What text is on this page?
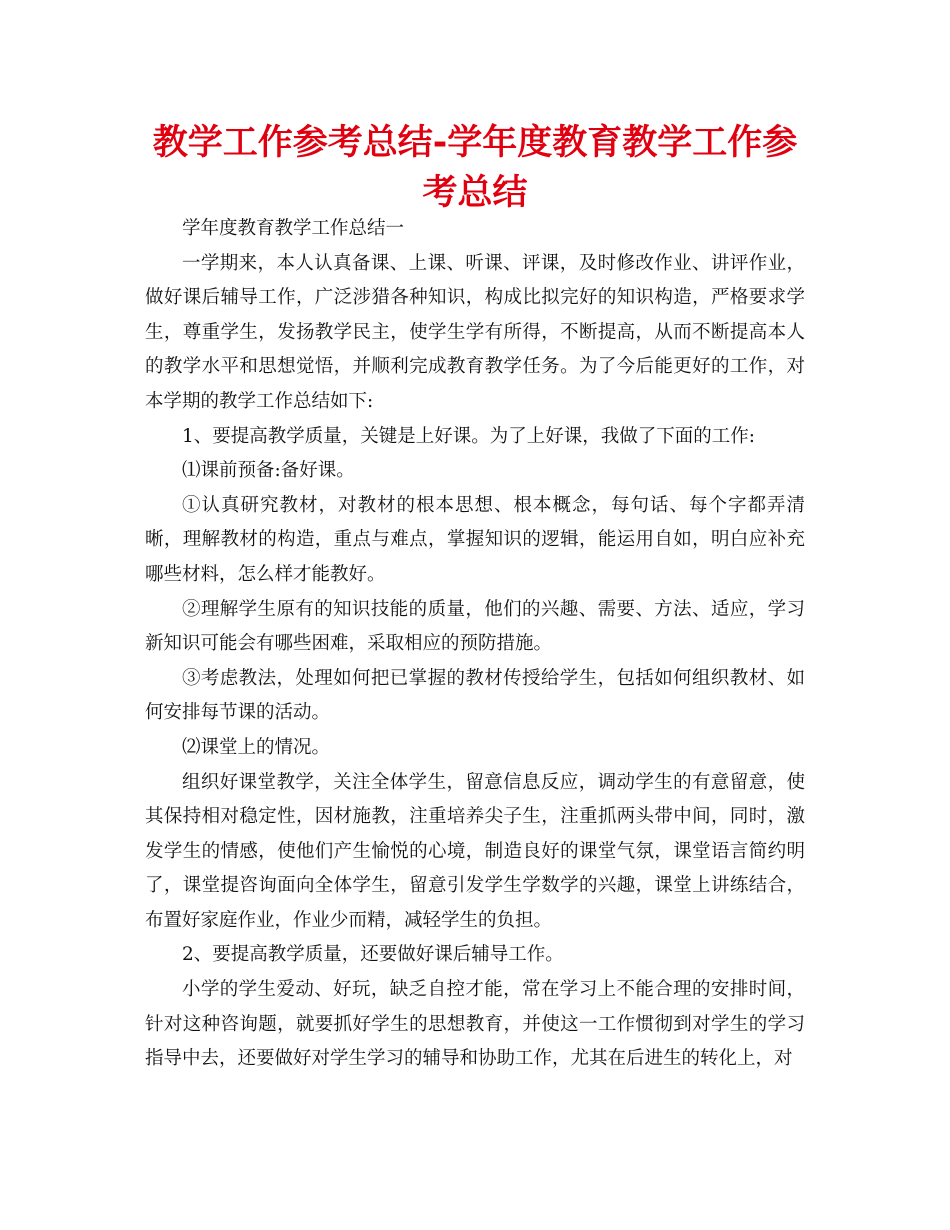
教学工作参考总结-学年度教育教学工作参考总结

学年度教育教学工作总结一

一学期来，本人认真备课、上课、听课、评课，及时修改作业、讲评作业，做好课后辅导工作，广泛涉猎各种知识，构成比拟完好的知识构造，严格要求学生，尊重学生，发扬教学民主，使学生学有所得，不断提高，从而不断提高本人的教学水平和思想觉悟，并顺利完成教育教学任务。为了今后能更好的工作，对本学期的教学工作总结如下:

1、要提高教学质量，关键是上好课。为了上好课，我做了下面的工作:

⑴课前预备:备好课。

①认真研究教材，对教材的根本思想、根本概念，每句话、每个字都弄清晰，理解教材的构造，重点与难点，掌握知识的逻辑，能运用自如，明白应补充哪些材料，怎么样才能教好。

②理解学生原有的知识技能的质量，他们的兴趣、需要、方法、适应，学习新知识可能会有哪些困难，采取相应的预防措施。

③考虑教法，处理如何把已掌握的教材传授给学生，包括如何组织教材、如何安排每节课的活动。

⑵课堂上的情况。

组织好课堂教学，关注全体学生，留意信息反应，调动学生的有意留意，使其保持相对稳定性，因材施教，注重培养尖子生，注重抓两头带中间，同时，激发学生的情感，使他们产生愉悦的心境，制造良好的课堂气氛，课堂语言简约明了，课堂提咨询面向全体学生，留意引发学生学数学的兴趣，课堂上讲练结合，布置好家庭作业，作业少而精，减轻学生的负担。

2、要提高教学质量，还要做好课后辅导工作。

小学的学生爱动、好玩，缺乏自控才能，常在学习上不能合理的安排时间，针对这种咨询题，就要抓好学生的思想教育，并使这一工作惯彻到对学生的学习指导中去，还要做好对学生学习的辅导和协助工作，尤其在后进生的转化上，对
